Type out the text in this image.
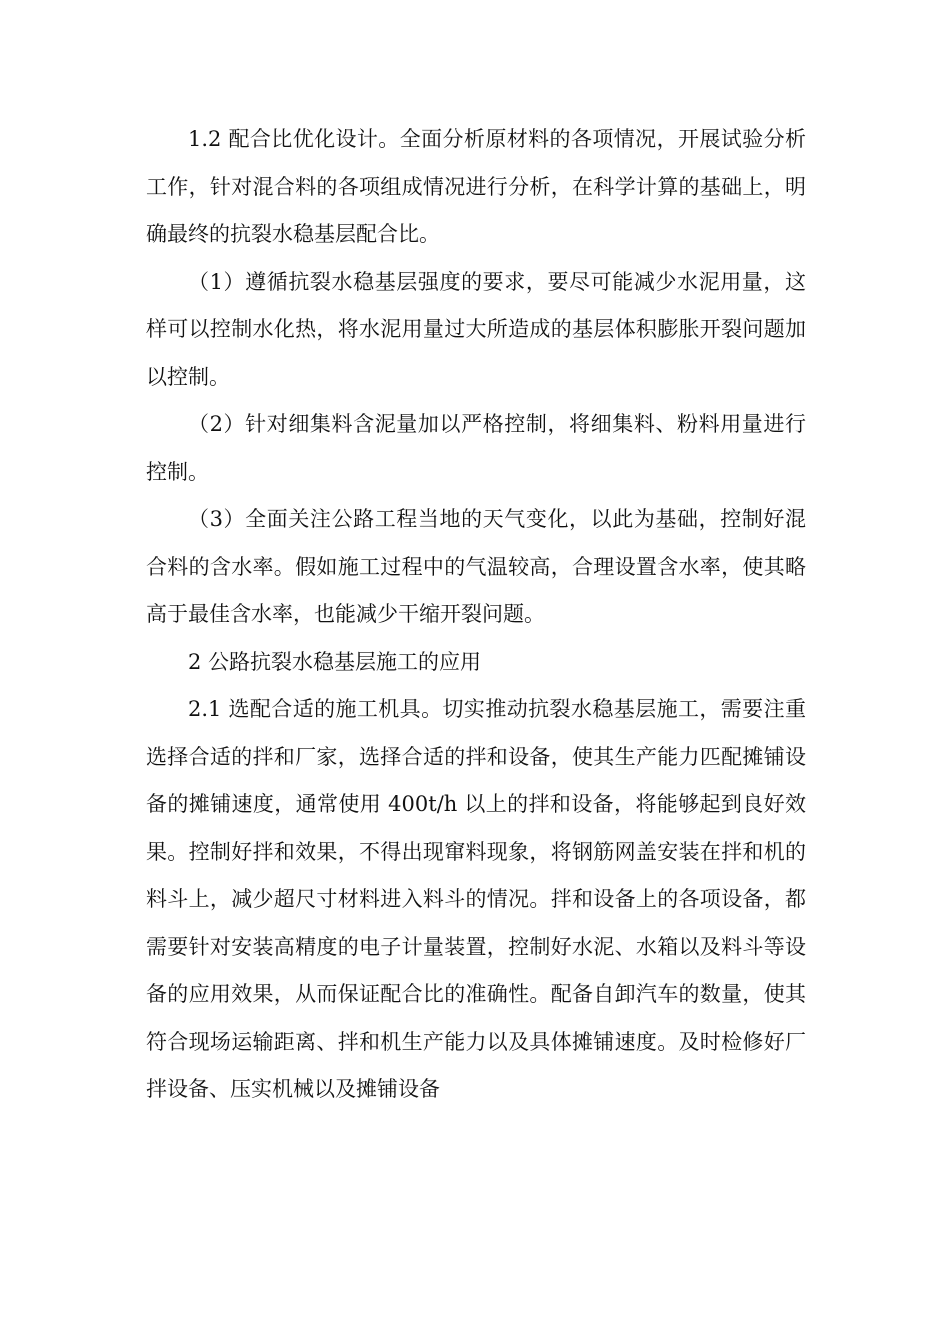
1.2 配合比优化设计。全面分析原材料的各项情况，开展试验分析工作，针对混合料的各项组成情况进行分析，在科学计算的基础上，明确最终的抗裂水稳基层配合比。

（1）遵循抗裂水稳基层强度的要求，要尽可能减少水泥用量，这样可以控制水化热，将水泥用量过大所造成的基层体积膨胀开裂问题加以控制。

（2）针对细集料含泥量加以严格控制，将细集料、粉料用量进行控制。

（3）全面关注公路工程当地的天气变化，以此为基础，控制好混合料的含水率。假如施工过程中的气温较高，合理设置含水率，使其略高于最佳含水率，也能减少干缩开裂问题。

2 公路抗裂水稳基层施工的应用

2.1 选配合适的施工机具。切实推动抗裂水稳基层施工，需要注重选择合适的拌和厂家，选择合适的拌和设备，使其生产能力匹配摊铺设备的摊铺速度，通常使用 400t/h 以上的拌和设备，将能够起到良好效果。控制好拌和效果，不得出现窜料现象，将钢筋网盖安装在拌和机的料斗上，减少超尺寸材料进入料斗的情况。拌和设备上的各项设备，都需要针对安装高精度的电子计量装置，控制好水泥、水箱以及料斗等设备的应用效果，从而保证配合比的准确性。配备自卸汽车的数量，使其符合现场运输距离、拌和机生产能力以及具体摊铺速度。及时检修好厂拌设备、压实机械以及摊铺设备
